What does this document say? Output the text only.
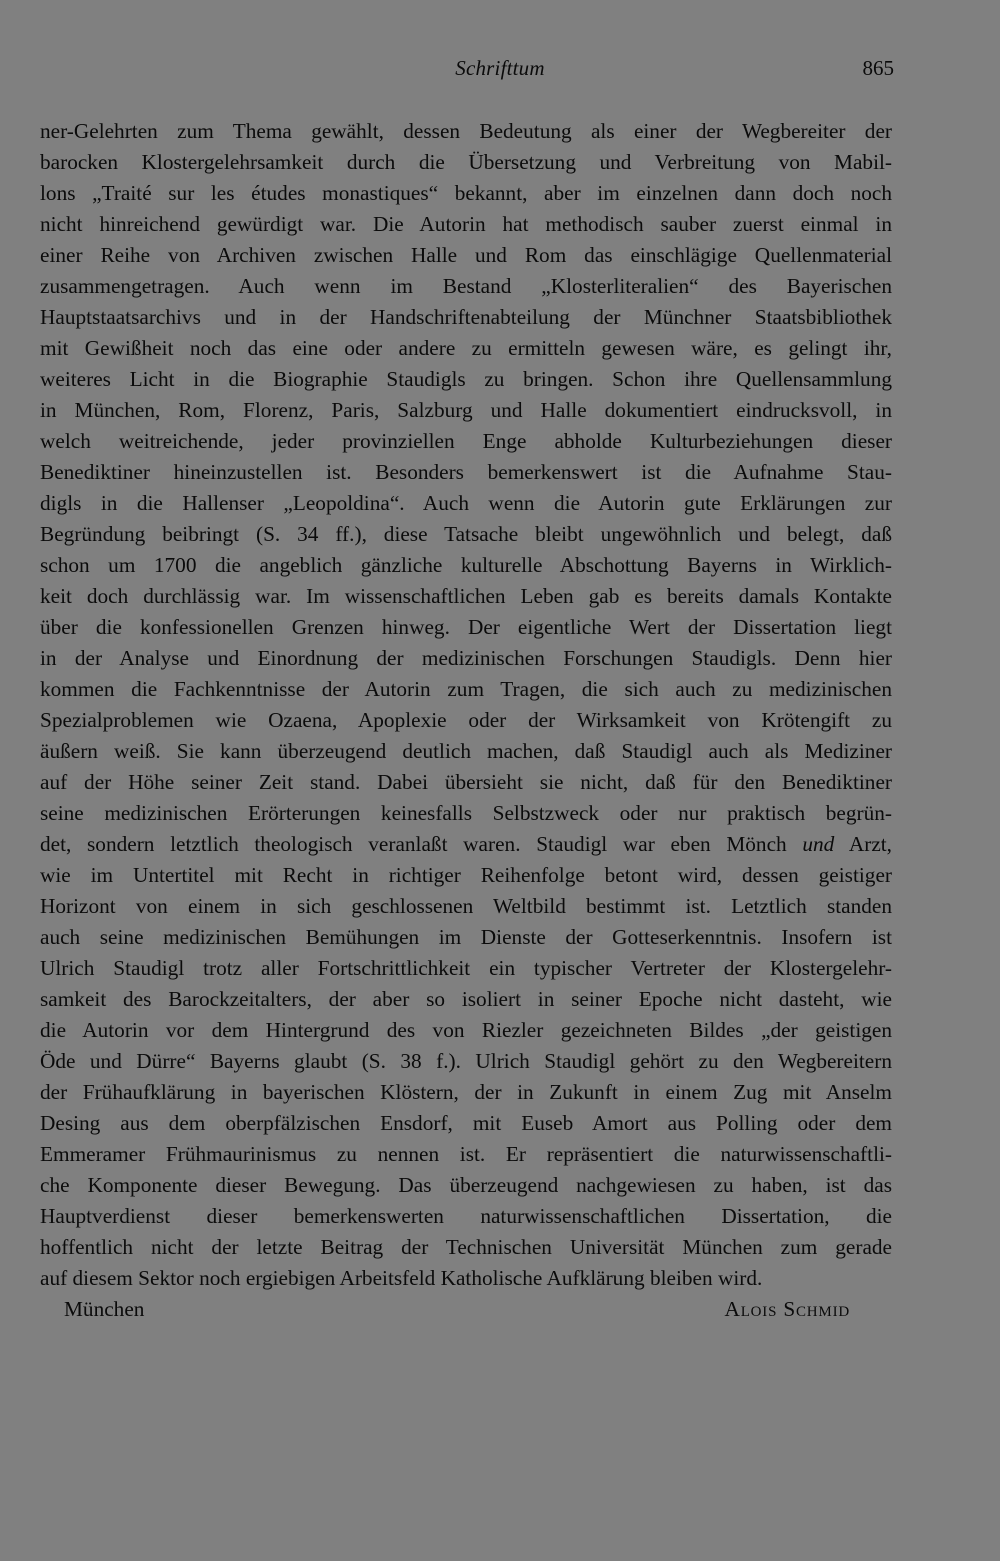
Schrifttum	865
ner-Gelehrten zum Thema gewählt, dessen Bedeutung als einer der Wegbereiter der
barocken Klostergelehrsamkeit durch die Übersetzung und Verbreitung von Mabil-
lons „Traité sur les études monastiques“ bekannt, aber im einzelnen dann doch noch
nicht hinreichend gewürdigt war. Die Autorin hat methodisch sauber zuerst einmal in
einer Reihe von Archiven zwischen Halle und Rom das einschlägige Quellenmaterial
zusammengetragen. Auch wenn im Bestand „Klosterliteralien“ des Bayerischen
Hauptstaatsarchivs und in der Handschriftenabteilung der Münchner Staatsbibliothek
mit Gewißheit noch das eine oder andere zu ermitteln gewesen wäre, es gelingt ihr,
weiteres Licht in die Biographie Staudigls zu bringen. Schon ihre Quellensammlung
in München, Rom, Florenz, Paris, Salzburg und Halle dokumentiert eindrucksvoll, in
welch weitreichende, jeder provinziellen Enge abholde Kulturbeziehungen dieser
Benediktiner hineinzustellen ist. Besonders bemerkenswert ist die Aufnahme Stau-
digls in die Hallenser „Leopoldina“. Auch wenn die Autorin gute Erklärungen zur
Begründung beibringt (S. 34 ff.), diese Tatsache bleibt ungewöhnlich und belegt, daß
schon um 1700 die angeblich gänzliche kulturelle Abschottung Bayerns in Wirklich-
keit doch durchlässig war. Im wissenschaftlichen Leben gab es bereits damals Kontakte
über die konfessionellen Grenzen hinweg. Der eigentliche Wert der Dissertation liegt
in der Analyse und Einordnung der medizinischen Forschungen Staudigls. Denn hier
kommen die Fachkenntnisse der Autorin zum Tragen, die sich auch zu medizinischen
Spezialproblemen wie Ozaena, Apoplexie oder der Wirksamkeit von Krötengift zu
äußern weiß. Sie kann überzeugend deutlich machen, daß Staudigl auch als Mediziner
auf der Höhe seiner Zeit stand. Dabei übersieht sie nicht, daß für den Benediktiner
seine medizinischen Erörterungen keinesfalls Selbstzweck oder nur praktisch begrün-
det, sondern letztlich theologisch veranlaßt waren. Staudigl war eben Mönch und Arzt,
wie im Untertitel mit Recht in richtiger Reihenfolge betont wird, dessen geistiger
Horizont von einem in sich geschlossenen Weltbild bestimmt ist. Letztlich standen
auch seine medizinischen Bemühungen im Dienste der Gotteserkenntnis. Insofern ist
Ulrich Staudigl trotz aller Fortschrittlichkeit ein typischer Vertreter der Klostergelehr-
samkeit des Barockzeitalters, der aber so isoliert in seiner Epoche nicht dasteht, wie
die Autorin vor dem Hintergrund des von Riezler gezeichneten Bildes „der geistigen
Öde und Dürre“ Bayerns glaubt (S. 38 f.). Ulrich Staudigl gehört zu den Wegbereitern
der Frühaufklärung in bayerischen Klöstern, der in Zukunft in einem Zug mit Anselm
Desing aus dem oberpfälzischen Ensdorf, mit Euseb Amort aus Polling oder dem
Emmeramer Frühmaurinismus zu nennen ist. Er repräsentiert die naturwissenschaftli-
che Komponente dieser Bewegung. Das überzeugend nachgewiesen zu haben, ist das
Hauptverdienst dieser bemerkenswerten naturwissenschaftlichen Dissertation, die
hoffentlich nicht der letzte Beitrag der Technischen Universität München zum gerade
auf diesem Sektor noch ergiebigen Arbeitsfeld Katholische Aufklärung bleiben wird.
München	Alois Schmid
